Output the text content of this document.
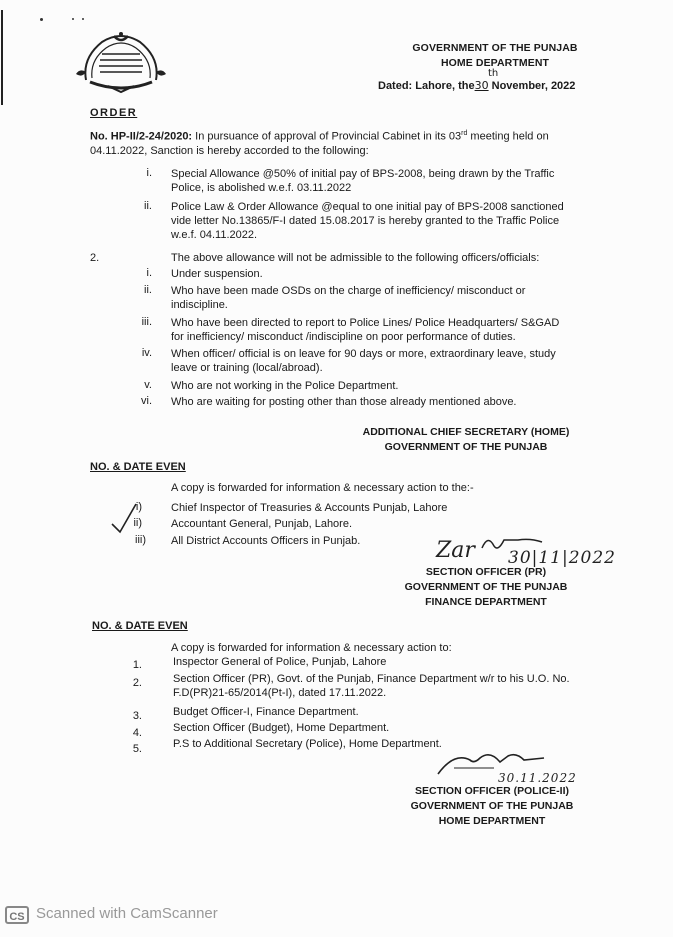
GOVERNMENT OF THE PUNJAB
HOME DEPARTMENT
th
Dated: Lahore, the30 November, 2022
ORDER
No. HP-II/2-24/2020: In pursuance of approval of Provincial Cabinet in its 03rd meeting held on
04.11.2022, Sanction is hereby accorded to the following:
i. Special Allowance @50% of initial pay of BPS-2008, being drawn by the Traffic
Police, is abolished w.e.f. 03.11.2022
ii. Police Law & Order Allowance @equal to one initial pay of BPS-2008 sanctioned
vide letter No.13865/F-I dated 15.08.2017 is hereby granted to the Traffic Police
w.e.f. 04.11.2022.
2.	The above allowance will not be admissible to the following officers/officials:
i. Under suspension.
ii. Who have been made OSDs on the charge of inefficiency/ misconduct or
indiscipline.
iii. Who have been directed to report to Police Lines/ Police Headquarters/ S&GAD
for inefficiency/ misconduct /indiscipline on poor performance of duties.
iv. When officer/ official is on leave for 90 days or more, extraordinary leave, study
leave or training (local/abroad).
v. Who are not working in the Police Department.
vi. Who are waiting for posting other than those already mentioned above.
ADDITIONAL CHIEF SECRETARY (HOME)
GOVERNMENT OF THE PUNJAB
NO. & DATE EVEN
A copy is forwarded for information & necessary action to the:-
i)	Chief Inspector of Treasuries & Accounts Punjab, Lahore
ii)	Accountant General, Punjab, Lahore.
iii) All District Accounts Officers in Punjab.	Zar 30|11|2022
SECTION OFFICER (PR)
GOVERNMENT OF THE PUNJAB
FINANCE DEPARTMENT
NO. & DATE EVEN
A copy is forwarded for information & necessary action to:
1.	Inspector General of Police, Punjab, Lahore
2.	Section Officer (PR), Govt. of the Punjab, Finance Department w/r to his U.O. No.
F.D(PR)21-65/2014(Pt-I), dated 17.11.2022.
3.	Budget Officer-I, Finance Department.
4.	Section Officer (Budget), Home Department.
5.	P.S to Additional Secretary (Police), Home Department.
30.11.2022
SECTION OFFICER (POLICE-II)
GOVERNMENT OF THE PUNJAB
HOME DEPARTMENT
CS Scanned with CamScanner
